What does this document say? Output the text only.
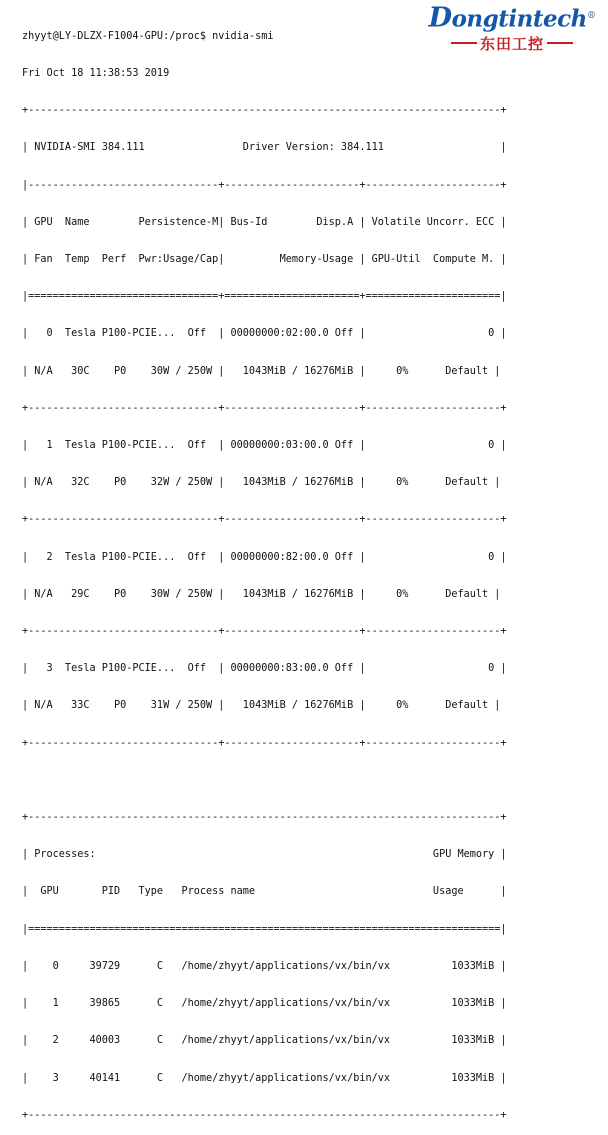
zhyyt@LY-DLZX-F1004-GPU:/proc$ nvidia-smi

Fri Oct 18 11:38:53 2019

+-----------------------------------------------------------------------------+

| NVIDIA-SMI 384.111                Driver Version: 384.111                   |

|-------------------------------+----------------------+----------------------+

| GPU  Name        Persistence-M| Bus-Id        Disp.A | Volatile Uncorr. ECC |

| Fan  Temp  Perf  Pwr:Usage/Cap|         Memory-Usage | GPU-Util  Compute M. |

|===============================+======================+======================|

|   0  Tesla P100-PCIE...  Off  | 00000000:02:00.0 Off |                    0 |

| N/A   30C    P0    30W / 250W |   1043MiB / 16276MiB |     0%      Default |

+-------------------------------+----------------------+----------------------+

|   1  Tesla P100-PCIE...  Off  | 00000000:03:00.0 Off |                    0 |

| N/A   32C    P0    32W / 250W |   1043MiB / 16276MiB |     0%      Default |

+-------------------------------+----------------------+----------------------+

|   2  Tesla P100-PCIE...  Off  | 00000000:82:00.0 Off |                    0 |

| N/A   29C    P0    30W / 250W |   1043MiB / 16276MiB |     0%      Default |

+-------------------------------+----------------------+----------------------+

|   3  Tesla P100-PCIE...  Off  | 00000000:83:00.0 Off |                    0 |

| N/A   33C    P0    31W / 250W |   1043MiB / 16276MiB |     0%      Default |

+-------------------------------+----------------------+----------------------+

+-----------------------------------------------------------------------------+

| Processes:                                                       GPU Memory |

|  GPU       PID   Type   Process name                             Usage      |

|=============================================================================|

|    0     39729      C   /home/zhyyt/applications/vx/bin/vx          1033MiB |

|    1     39865      C   /home/zhyyt/applications/vx/bin/vx          1033MiB |

|    2     40003      C   /home/zhyyt/applications/vx/bin/vx          1033MiB |

|    3     40141      C   /home/zhyyt/applications/vx/bin/vx          1033MiB |

+-----------------------------------------------------------------------------+

Dongtintech®
东田工控
